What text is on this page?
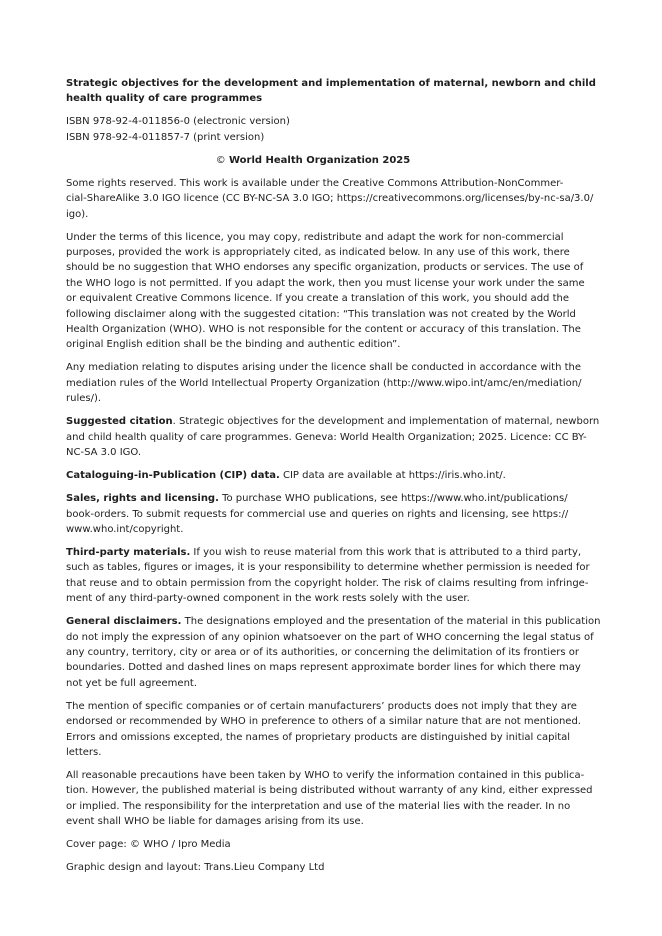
Strategic objectives for the development and implementation of maternal, newborn and child
health quality of care programmes

ISBN 978-92-4-011856-0 (electronic version)
ISBN 978-92-4-011857-7 (print version)

© World Health Organization 2025

Some rights reserved. This work is available under the Creative Commons Attribution-NonCommer-
cial-ShareAlike 3.0 IGO licence (CC BY-NC-SA 3.0 IGO; https://creativecommons.org/licenses/by-nc-sa/3.0/
igo).

Under the terms of this licence, you may copy, redistribute and adapt the work for non-commercial
purposes, provided the work is appropriately cited, as indicated below. In any use of this work, there
should be no suggestion that WHO endorses any specific organization, products or services. The use of
the WHO logo is not permitted. If you adapt the work, then you must license your work under the same
or equivalent Creative Commons licence. If you create a translation of this work, you should add the
following disclaimer along with the suggested citation: “This translation was not created by the World
Health Organization (WHO). WHO is not responsible for the content or accuracy of this translation. The
original English edition shall be the binding and authentic edition”.

Any mediation relating to disputes arising under the licence shall be conducted in accordance with the
mediation rules of the World Intellectual Property Organization (http://www.wipo.int/amc/en/mediation/
rules/).

Suggested citation. Strategic objectives for the development and implementation of maternal, newborn
and child health quality of care programmes. Geneva: World Health Organization; 2025. Licence: CC BY-
NC-SA 3.0 IGO.

Cataloguing-in-Publication (CIP) data. CIP data are available at https://iris.who.int/.

Sales, rights and licensing. To purchase WHO publications, see https://www.who.int/publications/
book-orders. To submit requests for commercial use and queries on rights and licensing, see https://
www.who.int/copyright.

Third-party materials. If you wish to reuse material from this work that is attributed to a third party,
such as tables, figures or images, it is your responsibility to determine whether permission is needed for
that reuse and to obtain permission from the copyright holder. The risk of claims resulting from infringe-
ment of any third-party-owned component in the work rests solely with the user.

General disclaimers. The designations employed and the presentation of the material in this publication
do not imply the expression of any opinion whatsoever on the part of WHO concerning the legal status of
any country, territory, city or area or of its authorities, or concerning the delimitation of its frontiers or
boundaries. Dotted and dashed lines on maps represent approximate border lines for which there may
not yet be full agreement.

The mention of specific companies or of certain manufacturers’ products does not imply that they are
endorsed or recommended by WHO in preference to others of a similar nature that are not mentioned.
Errors and omissions excepted, the names of proprietary products are distinguished by initial capital
letters.

All reasonable precautions have been taken by WHO to verify the information contained in this publica-
tion. However, the published material is being distributed without warranty of any kind, either expressed
or implied. The responsibility for the interpretation and use of the material lies with the reader. In no
event shall WHO be liable for damages arising from its use.

Cover page: © WHO / Ipro Media

Graphic design and layout: Trans.Lieu Company Ltd
